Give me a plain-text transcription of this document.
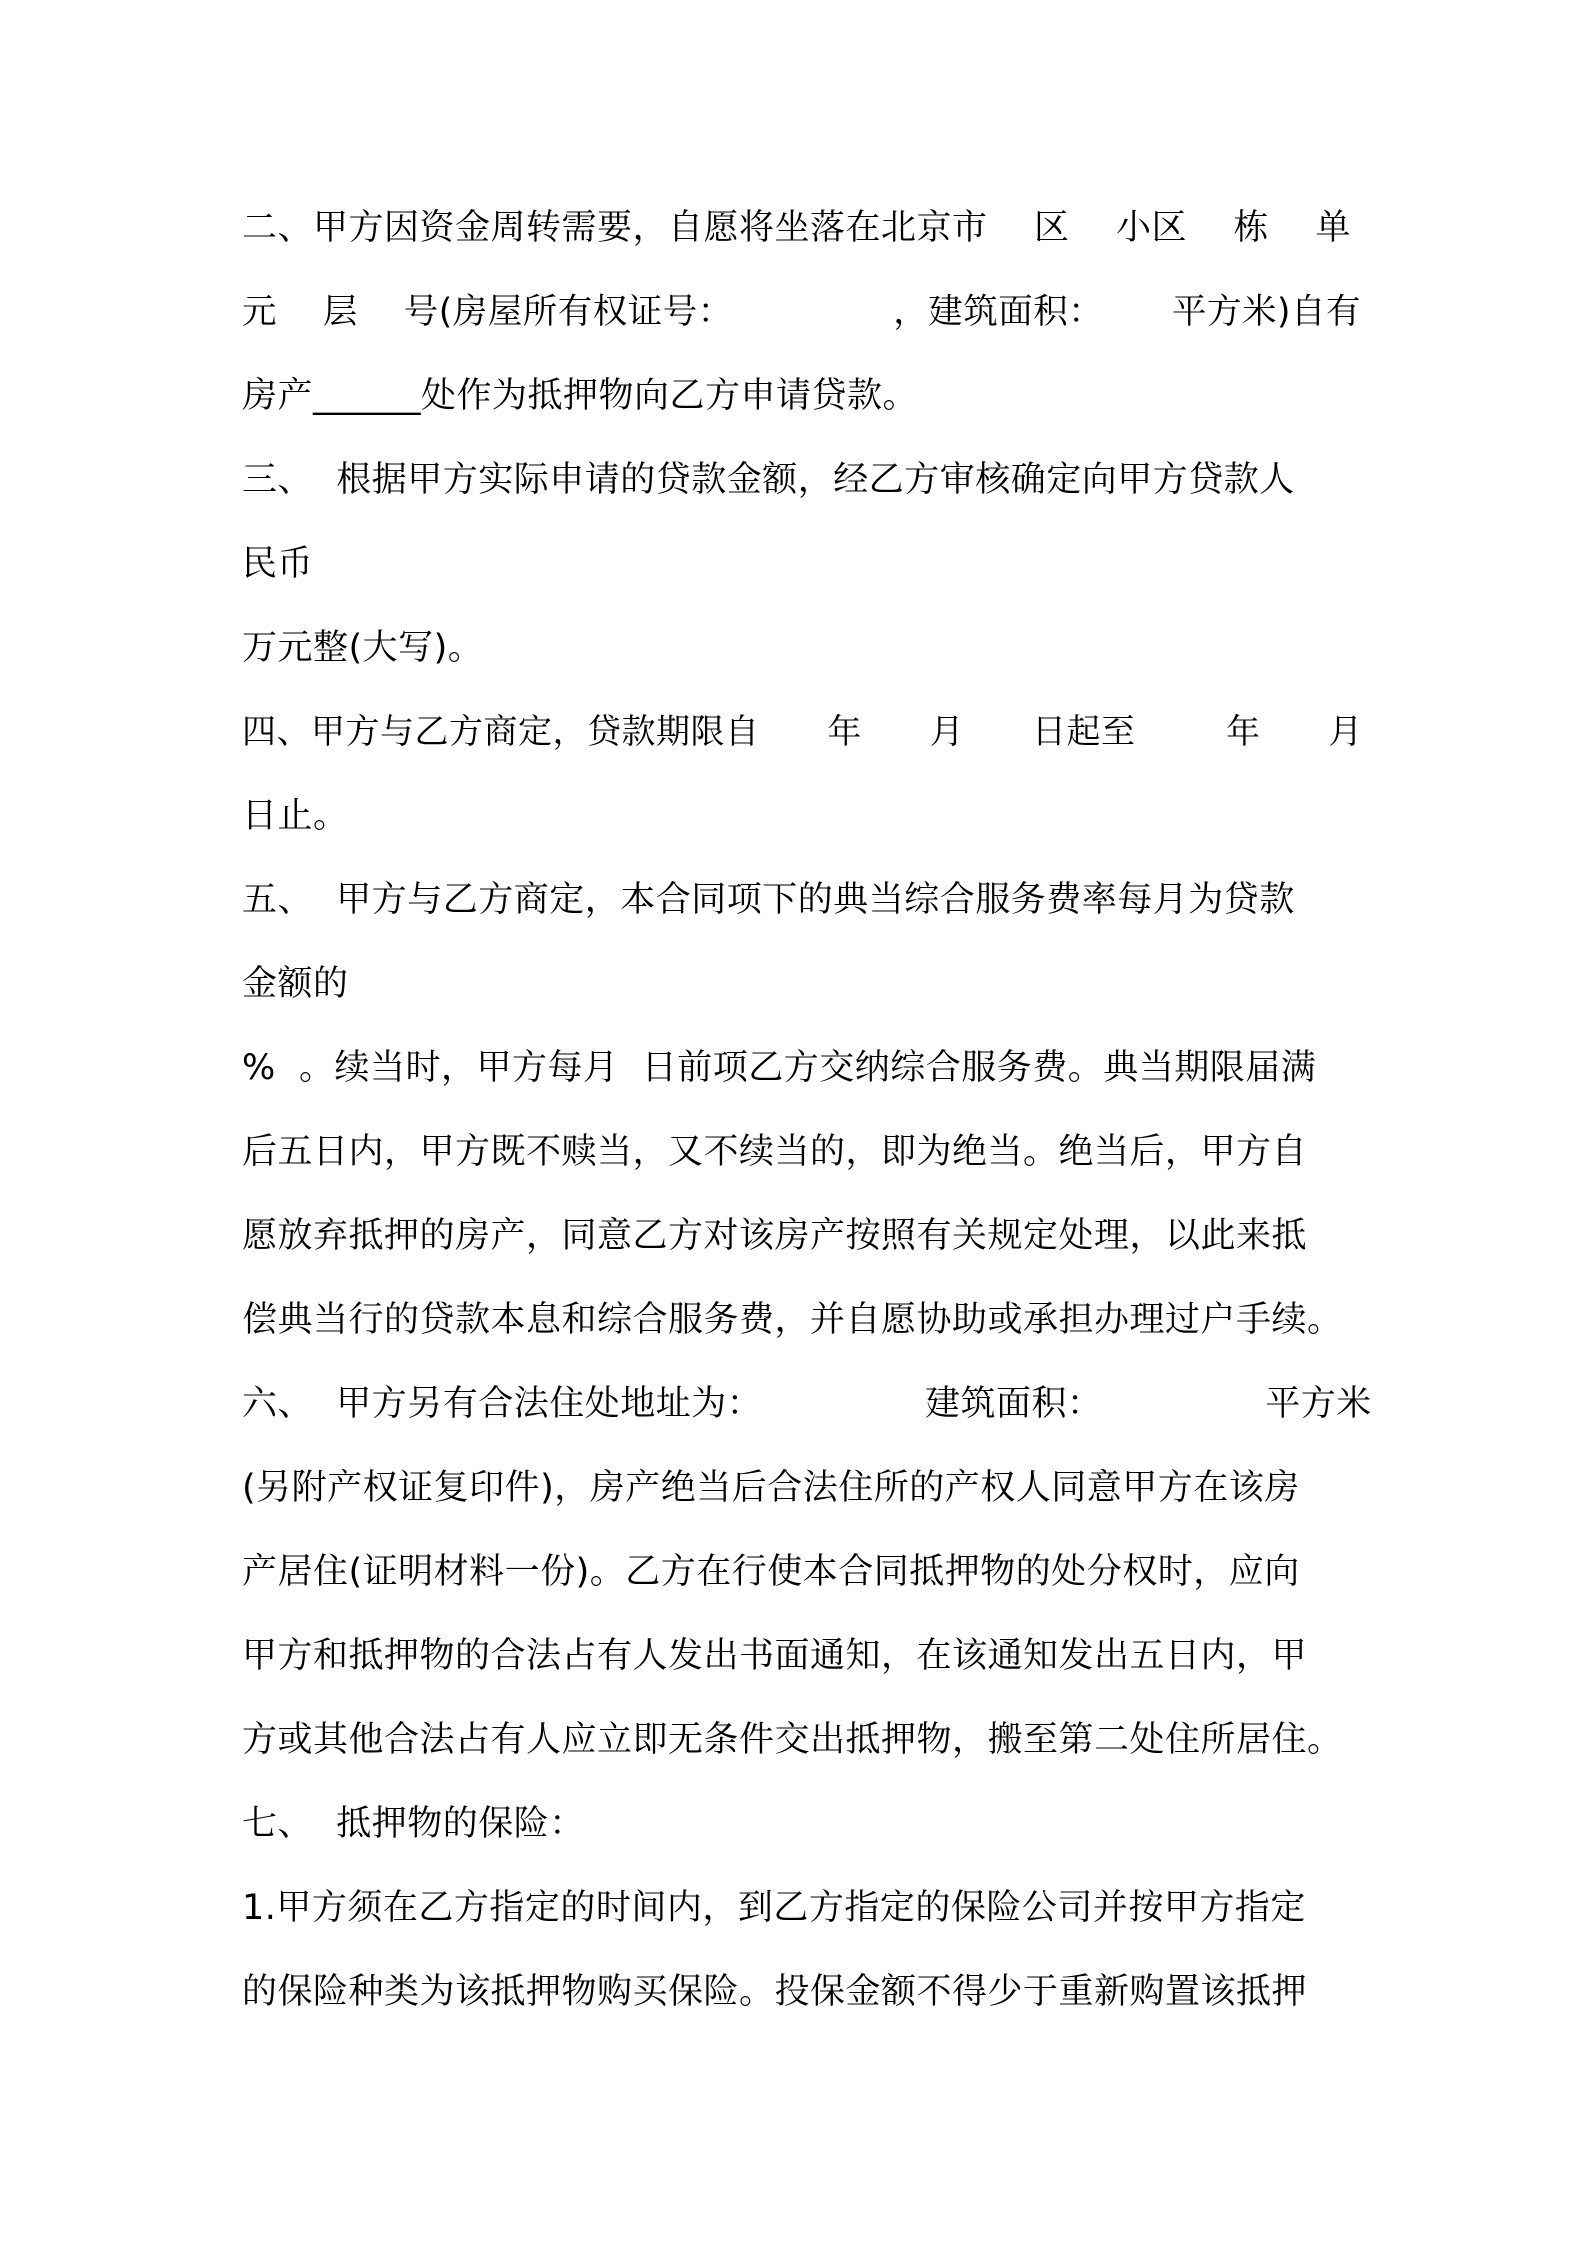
二、甲方因资金周转需要，自愿将坐落在北京市    区    小区    栋    单
元    层    号(房屋所有权证号：              ，建筑面积：      平方米)自有
房产______处作为抵押物向乙方申请贷款。
三、  根据甲方实际申请的贷款金额，经乙方审核确定向甲方贷款人
民币
万元整(大写)。
四、甲方与乙方商定，贷款期限自      年      月      日起至        年      月
日止。
五、  甲方与乙方商定，本合同项下的典当综合服务费率每月为贷款
金额的
%  。续当时，甲方每月  日前项乙方交纳综合服务费。典当期限届满
后五日内，甲方既不赎当，又不续当的，即为绝当。绝当后，甲方自
愿放弃抵押的房产，同意乙方对该房产按照有关规定处理，以此来抵
偿典当行的贷款本息和综合服务费，并自愿协助或承担办理过户手续。
六、  甲方另有合法住处地址为：              建筑面积：              平方米
(另附产权证复印件)，房产绝当后合法住所的产权人同意甲方在该房
产居住(证明材料一份)。乙方在行使本合同抵押物的处分权时，应向
甲方和抵押物的合法占有人发出书面通知，在该通知发出五日内，甲
方或其他合法占有人应立即无条件交出抵押物，搬至第二处住所居住。
七、  抵押物的保险：
1.甲方须在乙方指定的时间内，到乙方指定的保险公司并按甲方指定
的保险种类为该抵押物购买保险。投保金额不得少于重新购置该抵押
